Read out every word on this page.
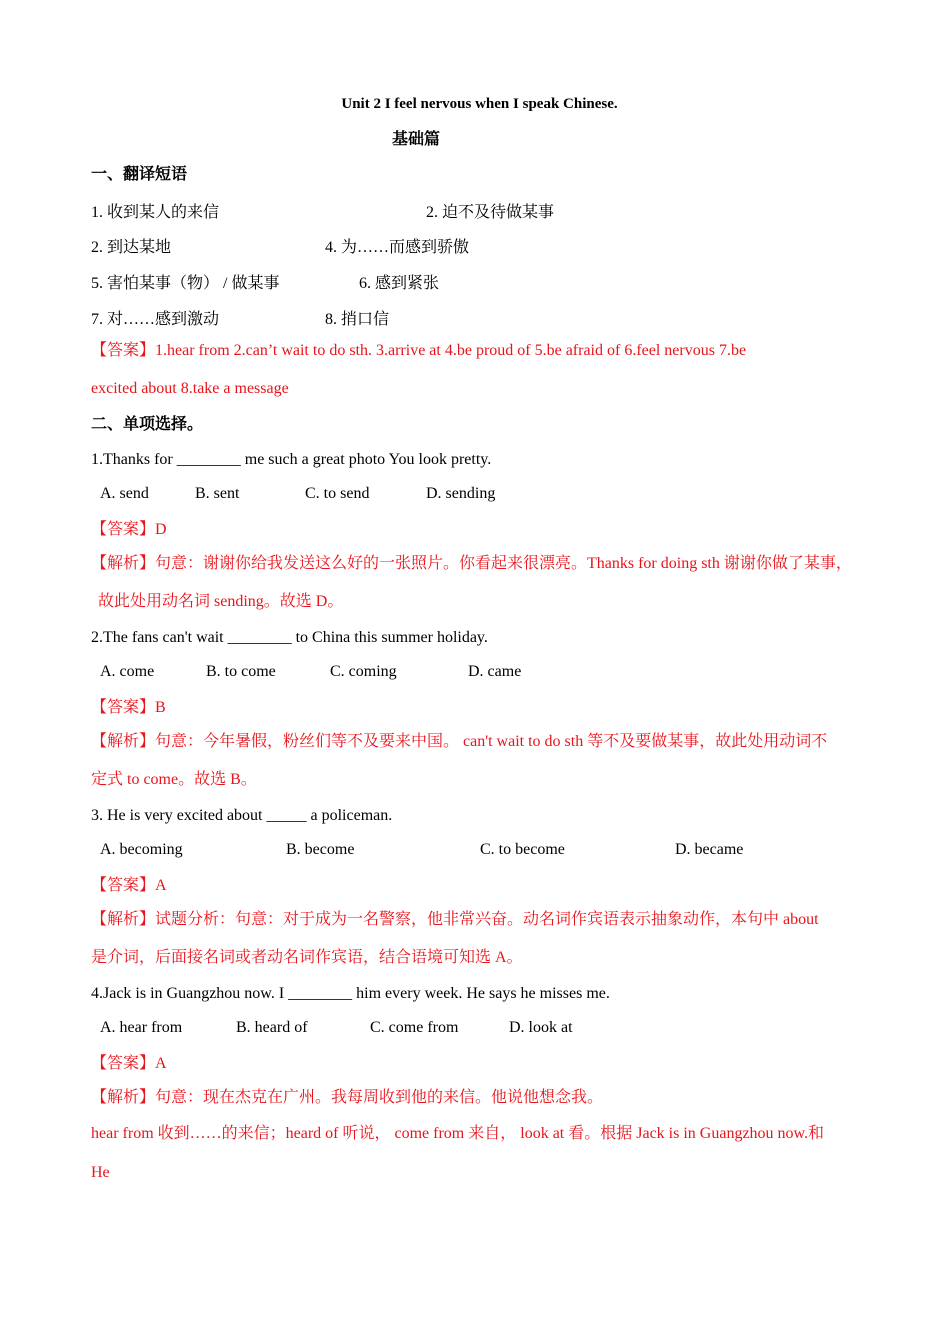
Unit 2 I feel nervous when I speak Chinese.
基础篇
一、翻译短语
1. 收到某人的来信	2. 迫不及待做某事
2. 到达某地	4. 为……而感到骄傲
5. 害怕某事（物） / 做某事	6. 感到紧张
7. 对……感到激动	8. 捎口信
【答案】1.hear from 2.can’t wait to do sth. 3.arrive at 4.be proud of 5.be afraid of 6.feel nervous 7.be
excited about 8.take a message
二、单项选择。
1.Thanks for ________ me such a great photo You look pretty.
A. send	B. sent	C. to send	D. sending
【答案】D
【解析】句意：谢谢你给我发送这么好的一张照片。你看起来很漂亮。Thanks for doing sth 谢谢你做了某事，
故此处用动名词 sending。故选 D。
2.The fans can't wait ________ to China this summer holiday.
A. come	B. to come	C. coming	D. came
【答案】B
【解析】句意：今年暑假，粉丝们等不及要来中国。 can't wait to do sth 等不及要做某事，故此处用动词不
定式 to come。故选 B。
3. He is very excited about _____ a policeman.
A. becoming	B. become	C. to become	D. became
【答案】A
【解析】试题分析：句意：对于成为一名警察，他非常兴奋。动名词作宾语表示抽象动作，本句中 about
是介词，后面接名词或者动名词作宾语，结合语境可知选 A。
4.Jack is in Guangzhou now. I ________ him every week. He says he misses me.
A. hear from	B. heard of	C. come from	D. look at
【答案】A
【解析】句意：现在杰克在广州。我每周收到他的来信。他说他想念我。
hear from 收到……的来信；heard of 听说， come from 来自， look at 看。根据 Jack is in Guangzhou now.和
He
